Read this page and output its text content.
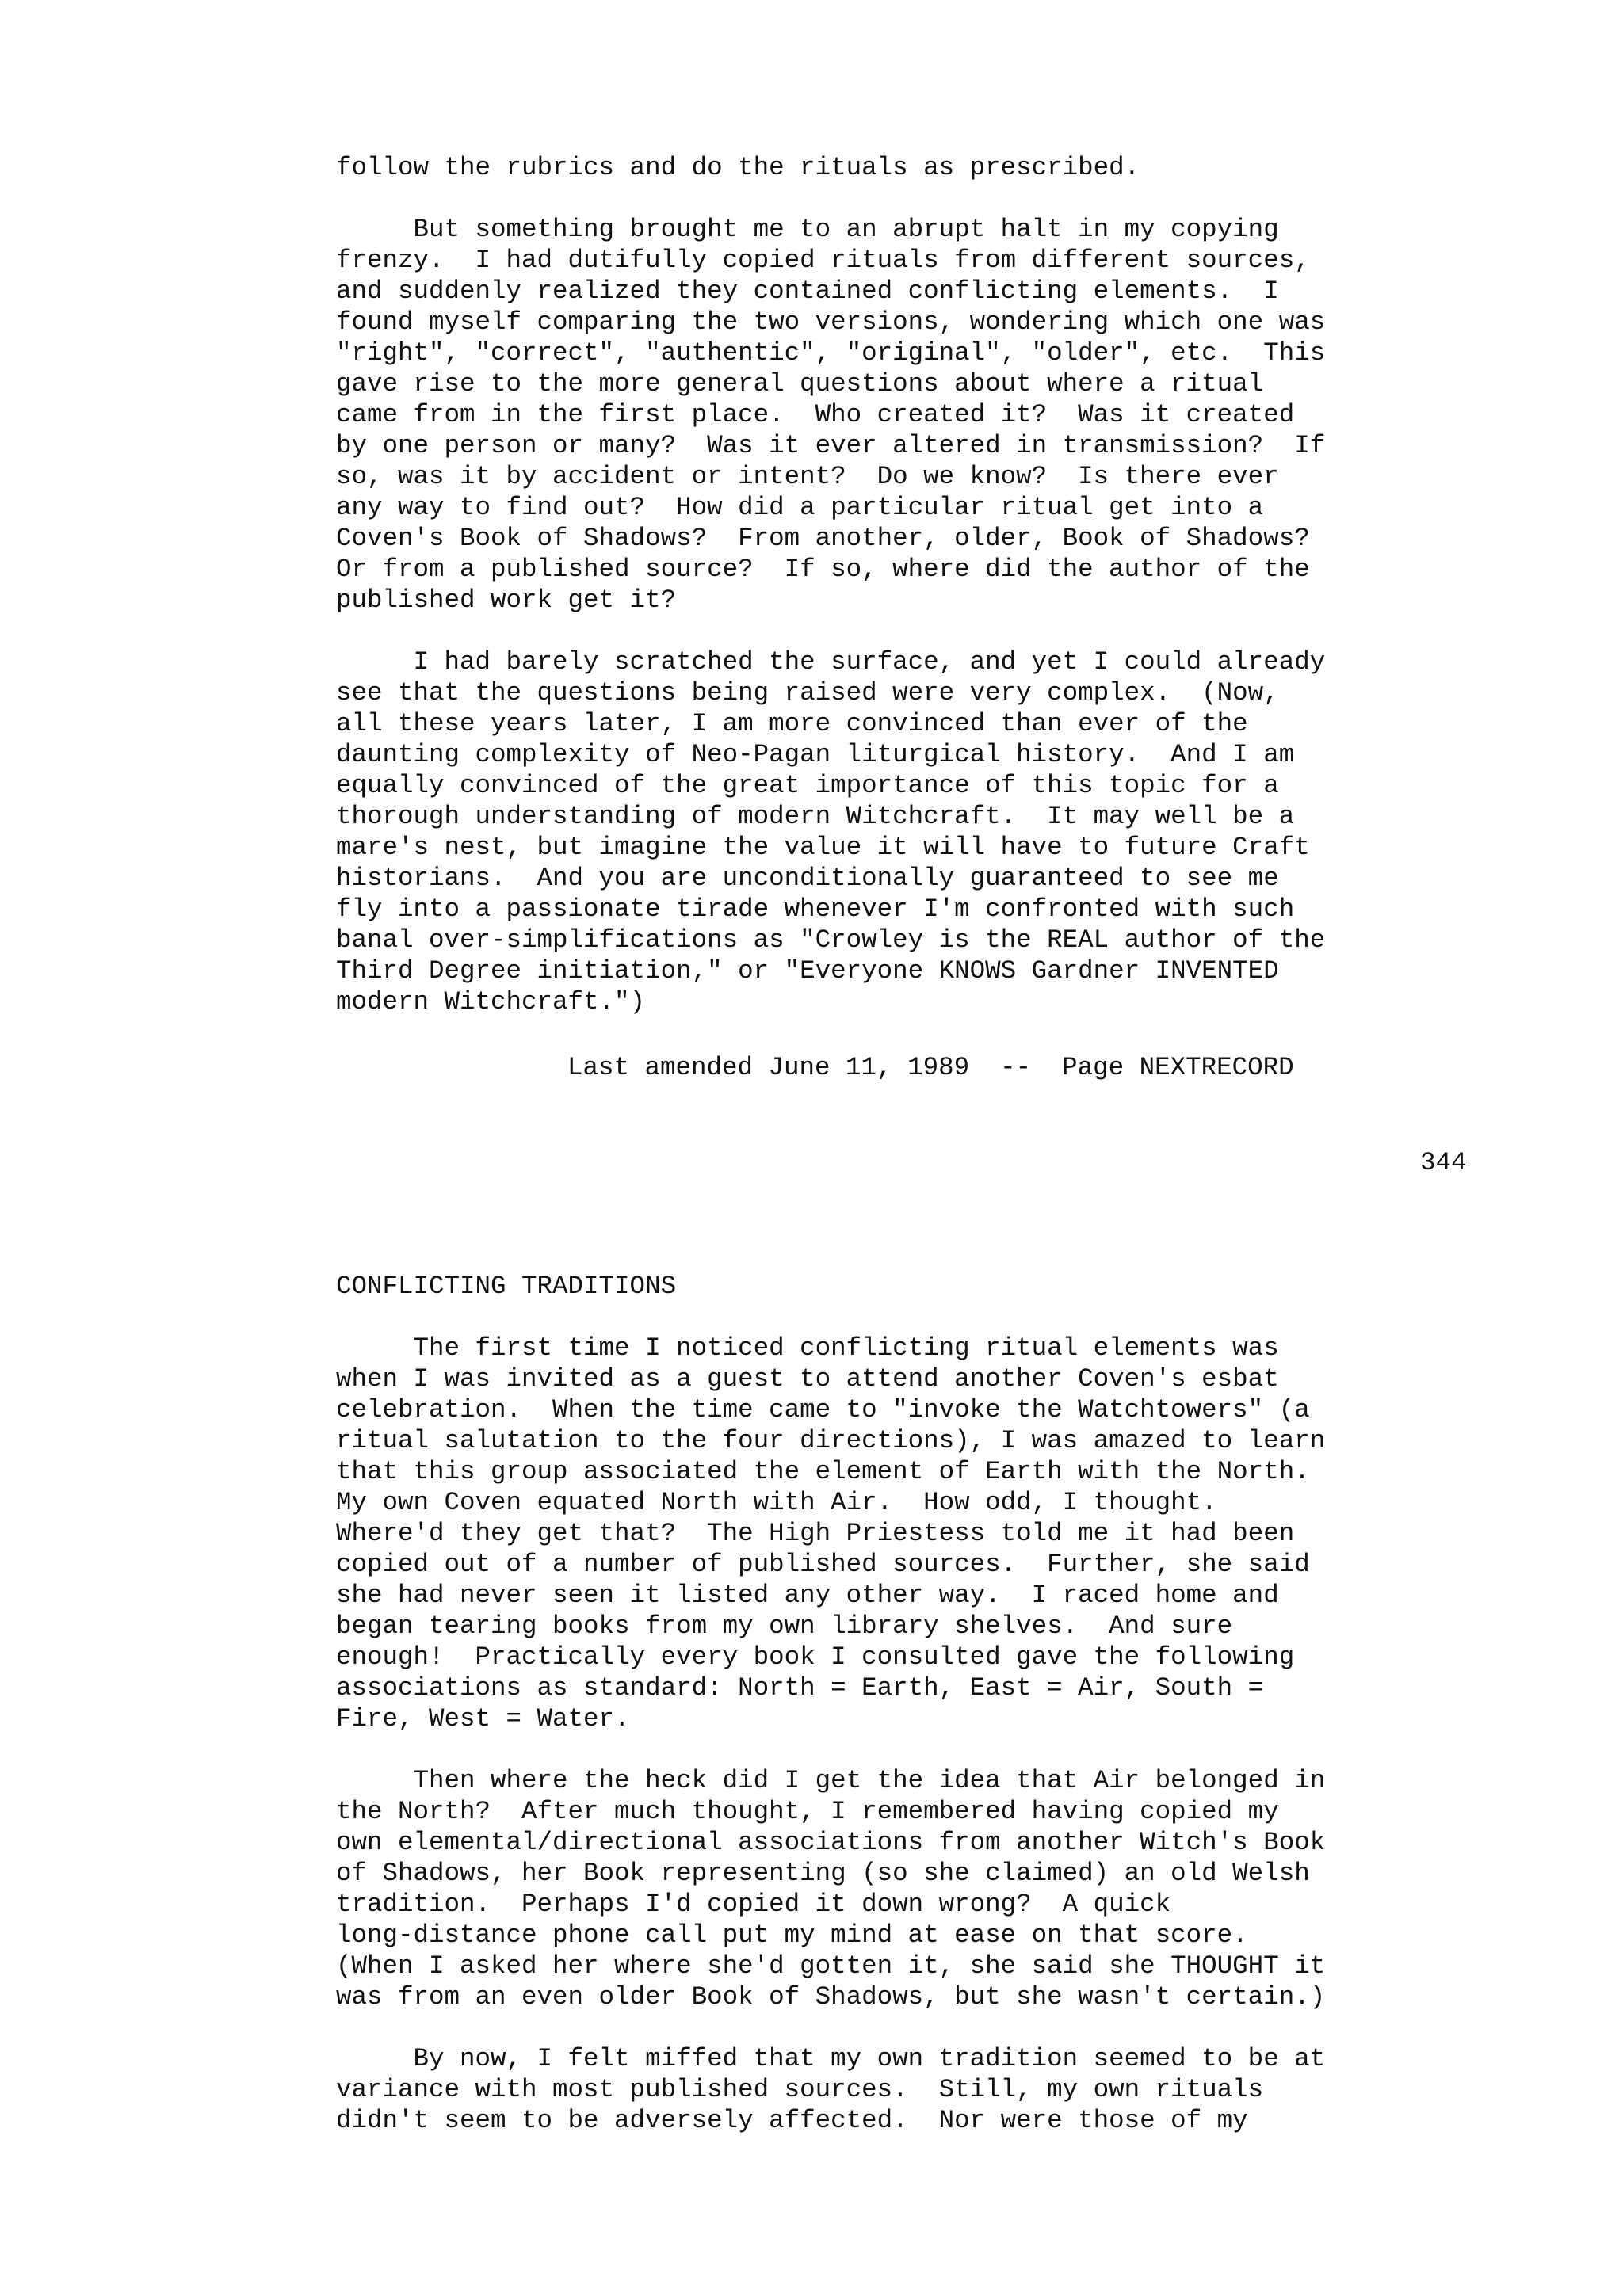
follow the rubrics and do the rituals as prescribed.
But something brought me to an abrupt halt in my copying
frenzy.  I had dutifully copied rituals from different sources,
and suddenly realized they contained conflicting elements.  I
found myself comparing the two versions, wondering which one was
"right", "correct", "authentic", "original", "older", etc.  This
gave rise to the more general questions about where a ritual
came from in the first place.  Who created it?  Was it created
by one person or many?  Was it ever altered in transmission?  If
so, was it by accident or intent?  Do we know?  Is there ever
any way to find out?  How did a particular ritual get into a
Coven's Book of Shadows?  From another, older, Book of Shadows?
Or from a published source?  If so, where did the author of the
published work get it?
I had barely scratched the surface, and yet I could already
see that the questions being raised were very complex.  (Now,
all these years later, I am more convinced than ever of the
daunting complexity of Neo-Pagan liturgical history.  And I am
equally convinced of the great importance of this topic for a
thorough understanding of modern Witchcraft.  It may well be a
mare's nest, but imagine the value it will have to future Craft
historians.  And you are unconditionally guaranteed to see me
fly into a passionate tirade whenever I'm confronted with such
banal over-simplifications as "Crowley is the REAL author of the
Third Degree initiation," or "Everyone KNOWS Gardner INVENTED
modern Witchcraft.")
Last amended June 11, 1989  --  Page NEXTRECORD
344
CONFLICTING TRADITIONS
The first time I noticed conflicting ritual elements was
when I was invited as a guest to attend another Coven's esbat
celebration.  When the time came to "invoke the Watchtowers" (a
ritual salutation to the four directions), I was amazed to learn
that this group associated the element of Earth with the North.
My own Coven equated North with Air.  How odd, I thought.
Where'd they get that?  The High Priestess told me it had been
copied out of a number of published sources.  Further, she said
she had never seen it listed any other way.  I raced home and
began tearing books from my own library shelves.  And sure
enough!  Practically every book I consulted gave the following
associations as standard: North = Earth, East = Air, South =
Fire, West = Water.
Then where the heck did I get the idea that Air belonged in
the North?  After much thought, I remembered having copied my
own elemental/directional associations from another Witch's Book
of Shadows, her Book representing (so she claimed) an old Welsh
tradition.  Perhaps I'd copied it down wrong?  A quick
long-distance phone call put my mind at ease on that score.
(When I asked her where she'd gotten it, she said she THOUGHT it
was from an even older Book of Shadows, but she wasn't certain.)
By now, I felt miffed that my own tradition seemed to be at
variance with most published sources.  Still, my own rituals
didn't seem to be adversely affected.  Nor were those of my
